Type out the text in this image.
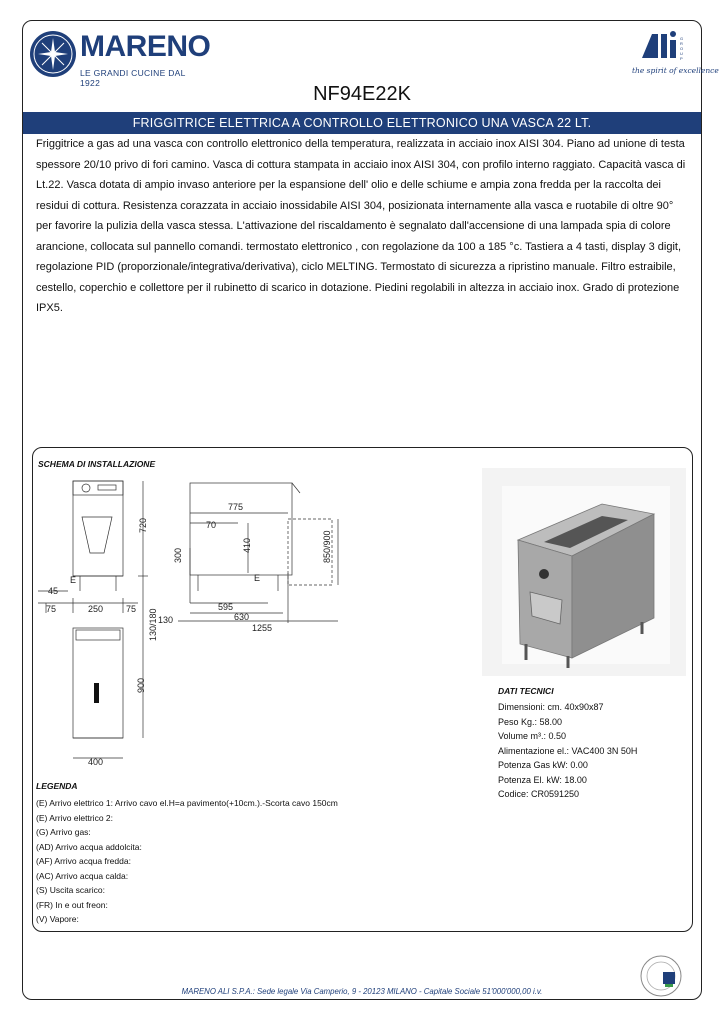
MARENO
LE GRANDI CUCINE DAL 1922
G
R
O
U
P
the spirit of excellence
NF94E22K
FRIGGITRICE ELETTRICA A CONTROLLO ELETTRONICO UNA VASCA 22 LT.
Friggitrice a gas ad una vasca con controllo elettronico della temperatura, realizzata in acciaio inox AISI 304. Piano ad unione di testa spessore 20/10 privo di fori camino. Vasca di cottura stampata in acciaio inox AISI 304, con profilo interno raggiato. Capacità vasca di Lt.22. Vasca dotata di ampio invaso anteriore per la espansione dell' olio e delle schiume e ampia zona fredda per la raccolta dei residui di cottura. Resistenza corazzata in acciaio inossidabile AISI 304, posizionata internamente alla vasca e ruotabile di oltre 90° per favorire la pulizia della vasca stessa. L'attivazione del riscaldamento è segnalato dall'accensione di una lampada spia di colore arancione, collocata sul pannello comandi. termostato elettronico , con regolazione da 100 a 185 °c. Tastiera a 4 tasti, display 3 digit, regolazione PID (proporzionale/integrativa/derivativa), ciclo MELTING. Termostato di sicurezza a ripristino manuale. Filtro estraibile, cestello, coperchio e collettore per il rubinetto di scarico in dotazione. Piedini regolabili in altezza in acciaio inox. Grado di protezione IPX5.
SCHEMA DI INSTALLAZIONE
720
130/180
45
E
75	250	75
775
70
410
300	850/900
E
130
595
630
1255
900
400
DATI TECNICI
Dimensioni: cm. 40x90x87
Peso Kg.: 58.00
Volume m³.: 0.50
Alimentazione el.: VAC400 3N 50H
Potenza Gas kW: 0.00
Potenza El. kW: 18.00
Codice: CR0591250
LEGENDA
(E) Arrivo elettrico 1: Arrivo cavo el.H=a pavimento(+10cm.).-Scorta cavo 150cm
(E) Arrivo elettrico 2:
(G) Arrivo gas:
(AD) Arrivo acqua addolcita:
(AF) Arrivo acqua fredda:
(AC) Arrivo acqua calda:
(S) Uscita scarico:
(FR) In e out freon:
(V) Vapore:
MARENO ALI S.P.A.: Sede legale Via Camperio, 9 - 20123 MILANO - Capitale Sociale 51'000'000,00 i.v.
